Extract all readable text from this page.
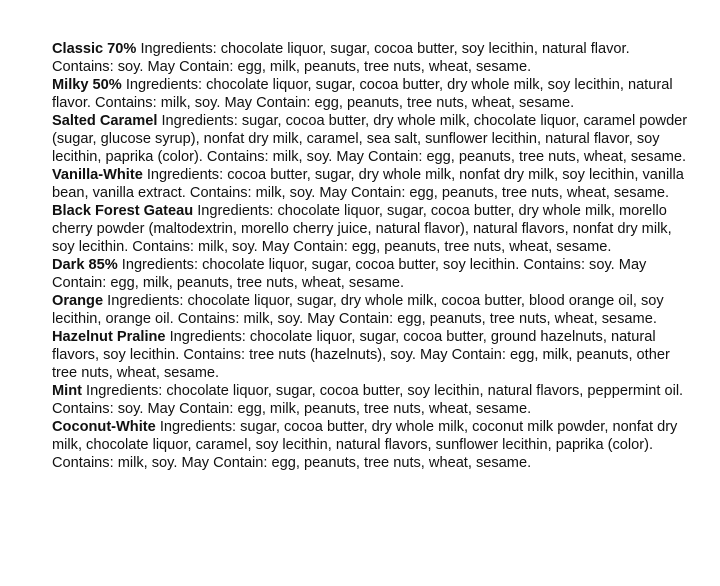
Classic 70% Ingredients: chocolate liquor, sugar, cocoa butter, soy lecithin, natural flavor. Contains: soy. May Contain: egg, milk, peanuts, tree nuts, wheat, sesame.

Milky 50% Ingredients: chocolate liquor, sugar, cocoa butter, dry whole milk, soy lecithin, natural flavor. Contains: milk, soy. May Contain: egg, peanuts, tree nuts, wheat, sesame.

Salted Caramel Ingredients: sugar, cocoa butter, dry whole milk, chocolate liquor, caramel powder (sugar, glucose syrup), nonfat dry milk, caramel, sea salt, sunflower lecithin, natural flavor, soy lecithin, paprika (color). Contains: milk, soy. May Contain: egg, peanuts, tree nuts, wheat, sesame.

Vanilla-White Ingredients: cocoa butter, sugar, dry whole milk, nonfat dry milk, soy lecithin, vanilla bean, vanilla extract. Contains: milk, soy. May Contain: egg, peanuts, tree nuts, wheat, sesame.

Black Forest Gateau Ingredients: chocolate liquor, sugar, cocoa butter, dry whole milk, morello cherry powder (maltodextrin, morello cherry juice, natural flavor), natural flavors, nonfat dry milk, soy lecithin. Contains: milk, soy. May Contain: egg, peanuts, tree nuts, wheat, sesame.

Dark 85% Ingredients: chocolate liquor, sugar, cocoa butter, soy lecithin. Contains: soy. May Contain: egg, milk, peanuts, tree nuts, wheat, sesame.

Orange Ingredients: chocolate liquor, sugar, dry whole milk, cocoa butter, blood orange oil, soy lecithin, orange oil. Contains: milk, soy. May Contain: egg, peanuts, tree nuts, wheat, sesame.

Hazelnut Praline Ingredients: chocolate liquor, sugar, cocoa butter, ground hazelnuts, natural flavors, soy lecithin. Contains: tree nuts (hazelnuts), soy. May Contain: egg, milk, peanuts, other tree nuts, wheat, sesame.

Mint Ingredients: chocolate liquor, sugar, cocoa butter, soy lecithin, natural flavors, peppermint oil. Contains: soy. May Contain: egg, milk, peanuts, tree nuts, wheat, sesame.

Coconut-White Ingredients: sugar, cocoa butter, dry whole milk, coconut milk powder, nonfat dry milk, chocolate liquor, caramel, soy lecithin, natural flavors, sunflower lecithin, paprika (color). Contains: milk, soy. May Contain: egg, peanuts, tree nuts, wheat, sesame.
